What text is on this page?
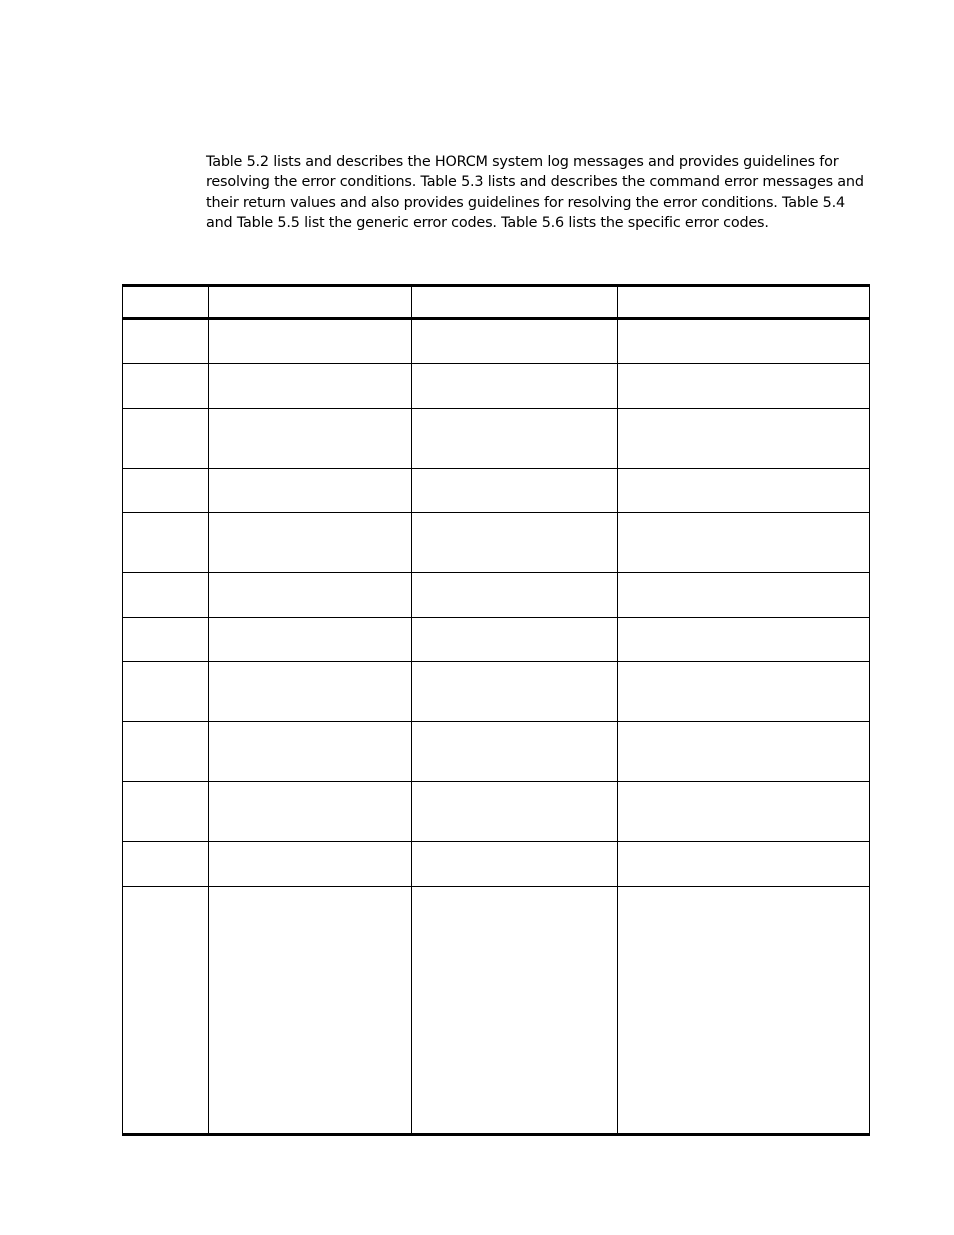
Table 5.2 lists and describes the HORCM system log messages and provides guidelines for resolving the error conditions. Table 5.3 lists and describes the command error messages and their return values and also provides guidelines for resolving the error conditions. Table 5.4 and Table 5.5 list the generic error codes. Table 5.6 lists the specific error codes.
